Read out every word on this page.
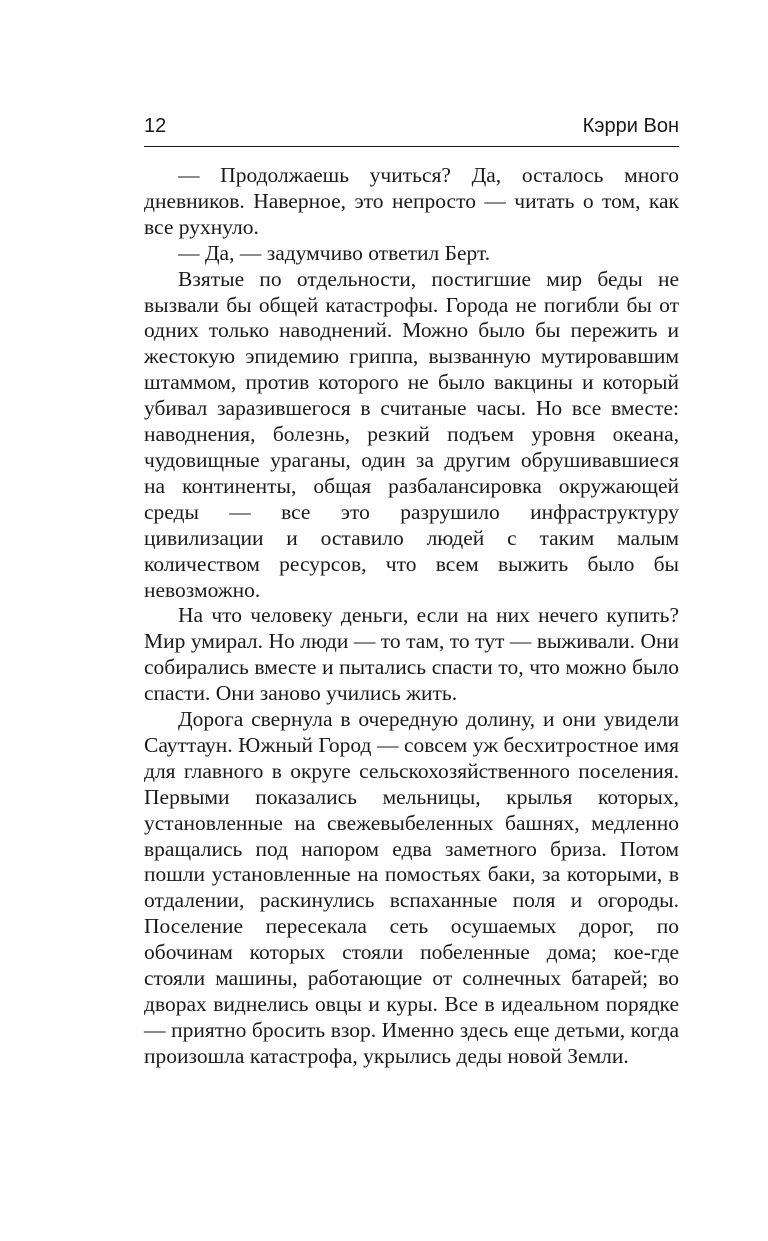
12	Кэрри Вон

— Продолжаешь учиться? Да, осталось много дневников. Наверное, это непросто — читать о том, как все рухнуло.

— Да, — задумчиво ответил Берт.

Взятые по отдельности, постигшие мир беды не вызвали бы общей катастрофы. Города не погибли бы от одних только наводнений. Можно было бы пережить и жестокую эпидемию гриппа, вызванную мутировавшим штаммом, против которого не было вакцины и который убивал заразившегося в считаные часы. Но все вместе: наводнения, болезнь, резкий подъем уровня океана, чудовищные ураганы, один за другим обрушивавшиеся на континенты, общая разбалансировка окружающей среды — все это разрушило инфраструктуру цивилизации и оставило людей с таким малым количеством ресурсов, что всем выжить было бы невозможно.

На что человеку деньги, если на них нечего купить? Мир умирал. Но люди — то там, то тут — выживали. Они собирались вместе и пытались спасти то, что можно было спасти. Они заново учились жить.

Дорога свернула в очередную долину, и они увидели Сауттаун. Южный Город — совсем уж бесхитростное имя для главного в округе сельскохозяйственного поселения. Первыми показались мельницы, крылья которых, установленные на свежевыбеленных башнях, медленно вращались под напором едва заметного бриза. Потом пошли установленные на помостьях баки, за которыми, в отдалении, раскинулись вспаханные поля и огороды. Поселение пересекала сеть осушаемых дорог, по обочинам которых стояли побеленные дома; кое-где стояли машины, работающие от солнечных батарей; во дворах виднелись овцы и куры. Все в идеальном порядке — приятно бросить взор. Именно здесь еще детьми, когда произошла катастрофа, укрылись деды новой Земли.
